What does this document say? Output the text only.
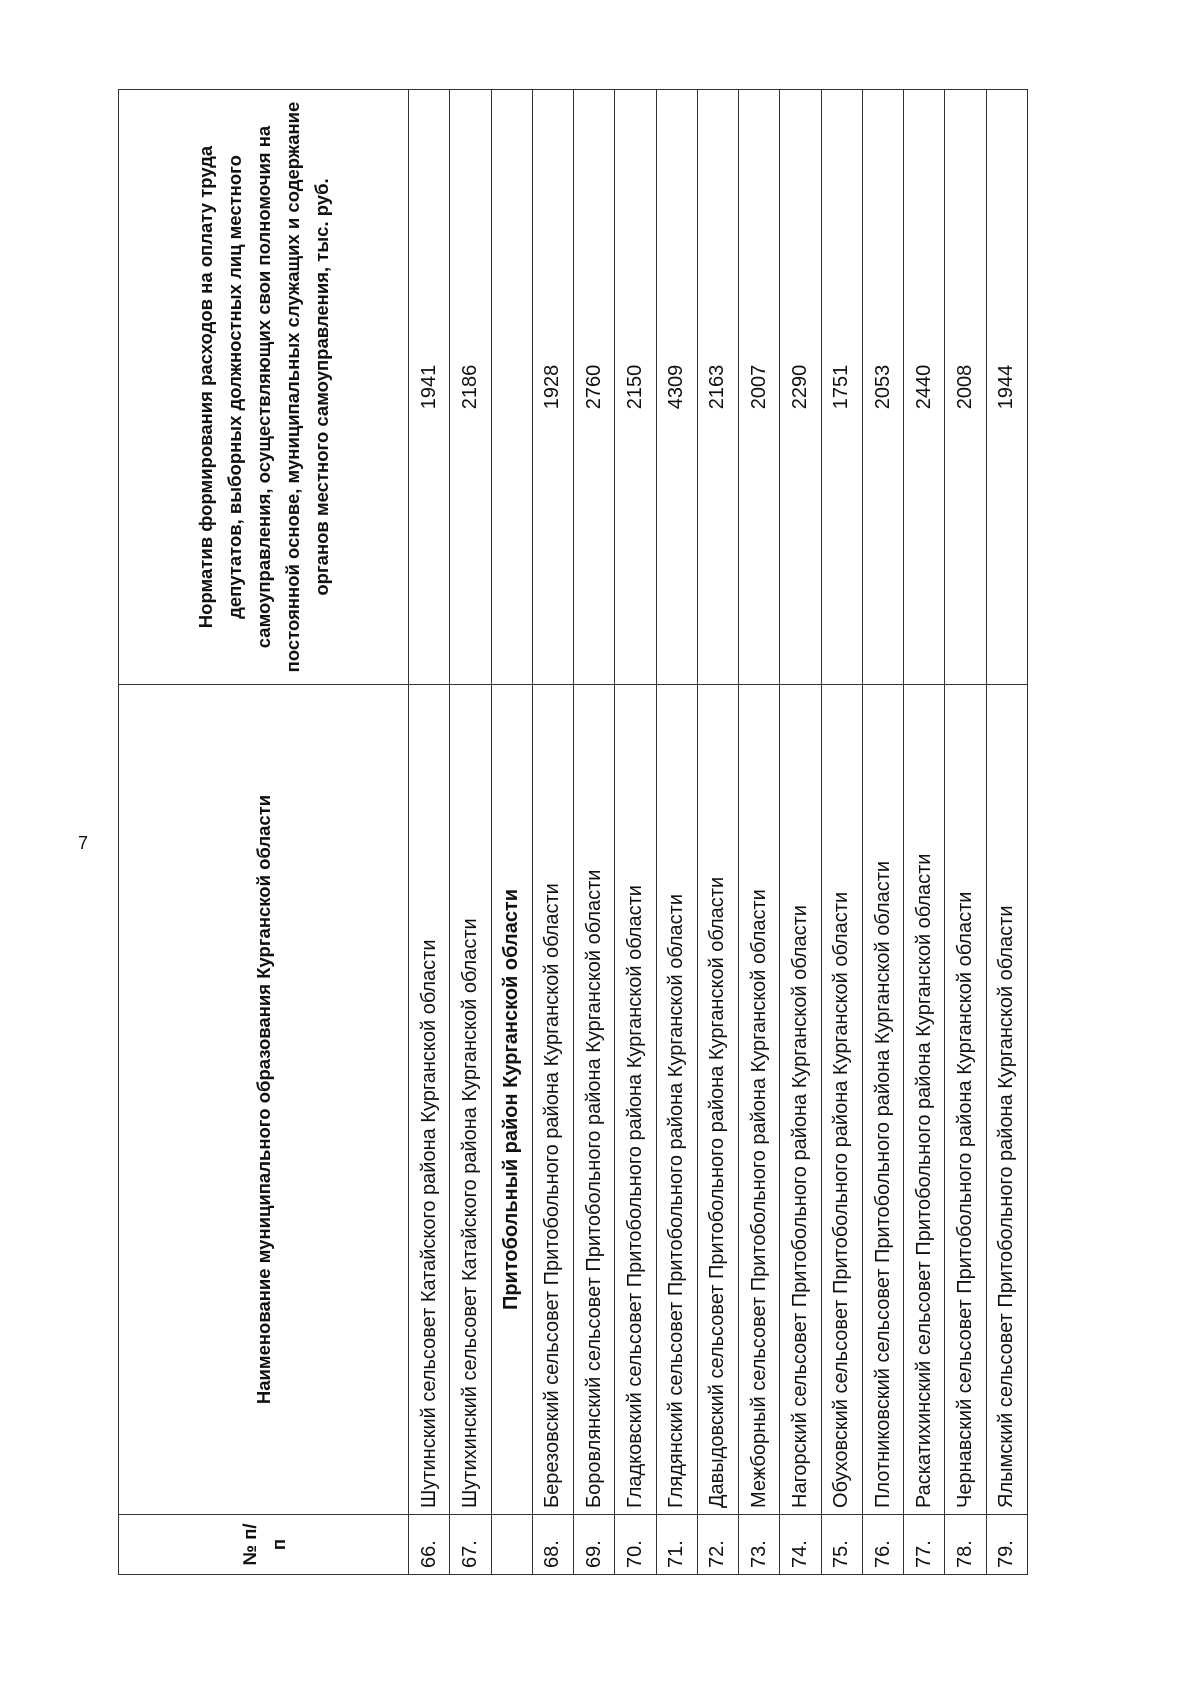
7
№ п/п	Наименование муниципального образования Курганской области	Норматив формирования расходов на оплату труда депутатов, выборных должностных лиц местного самоуправления, осуществляющих свои полномочия на постоянной основе, муниципальных служащих и содержание органов местного самоуправления, тыс. руб.
66.	Шутинский сельсовет Катайского района Курганской области	1941
67.	Шутихинский сельсовет Катайского района Курганской области	2186
	Притобольный район Курганской области	
68.	Березовский сельсовет Притобольного района Курганской области	1928
69.	Боровлянский сельсовет Притобольного района Курганской области	2760
70.	Гладковский сельсовет Притобольного района Курганской области	2150
71.	Глядянский сельсовет Притобольного района Курганской области	4309
72.	Давыдовский сельсовет Притобольного района Курганской области	2163
73.	Межборный сельсовет Притобольного района Курганской области	2007
74.	Нагорский сельсовет Притобольного района Курганской области	2290
75.	Обуховский сельсовет Притобольного района Курганской области	1751
76.	Плотниковский сельсовет Притобольного района Курганской области	2053
77.	Раскатихинский сельсовет Притобольного района Курганской области	2440
78.	Чернавский сельсовет Притобольного района Курганской области	2008
79.	Ялымский сельсовет Притобольного района Курганской области	1944
